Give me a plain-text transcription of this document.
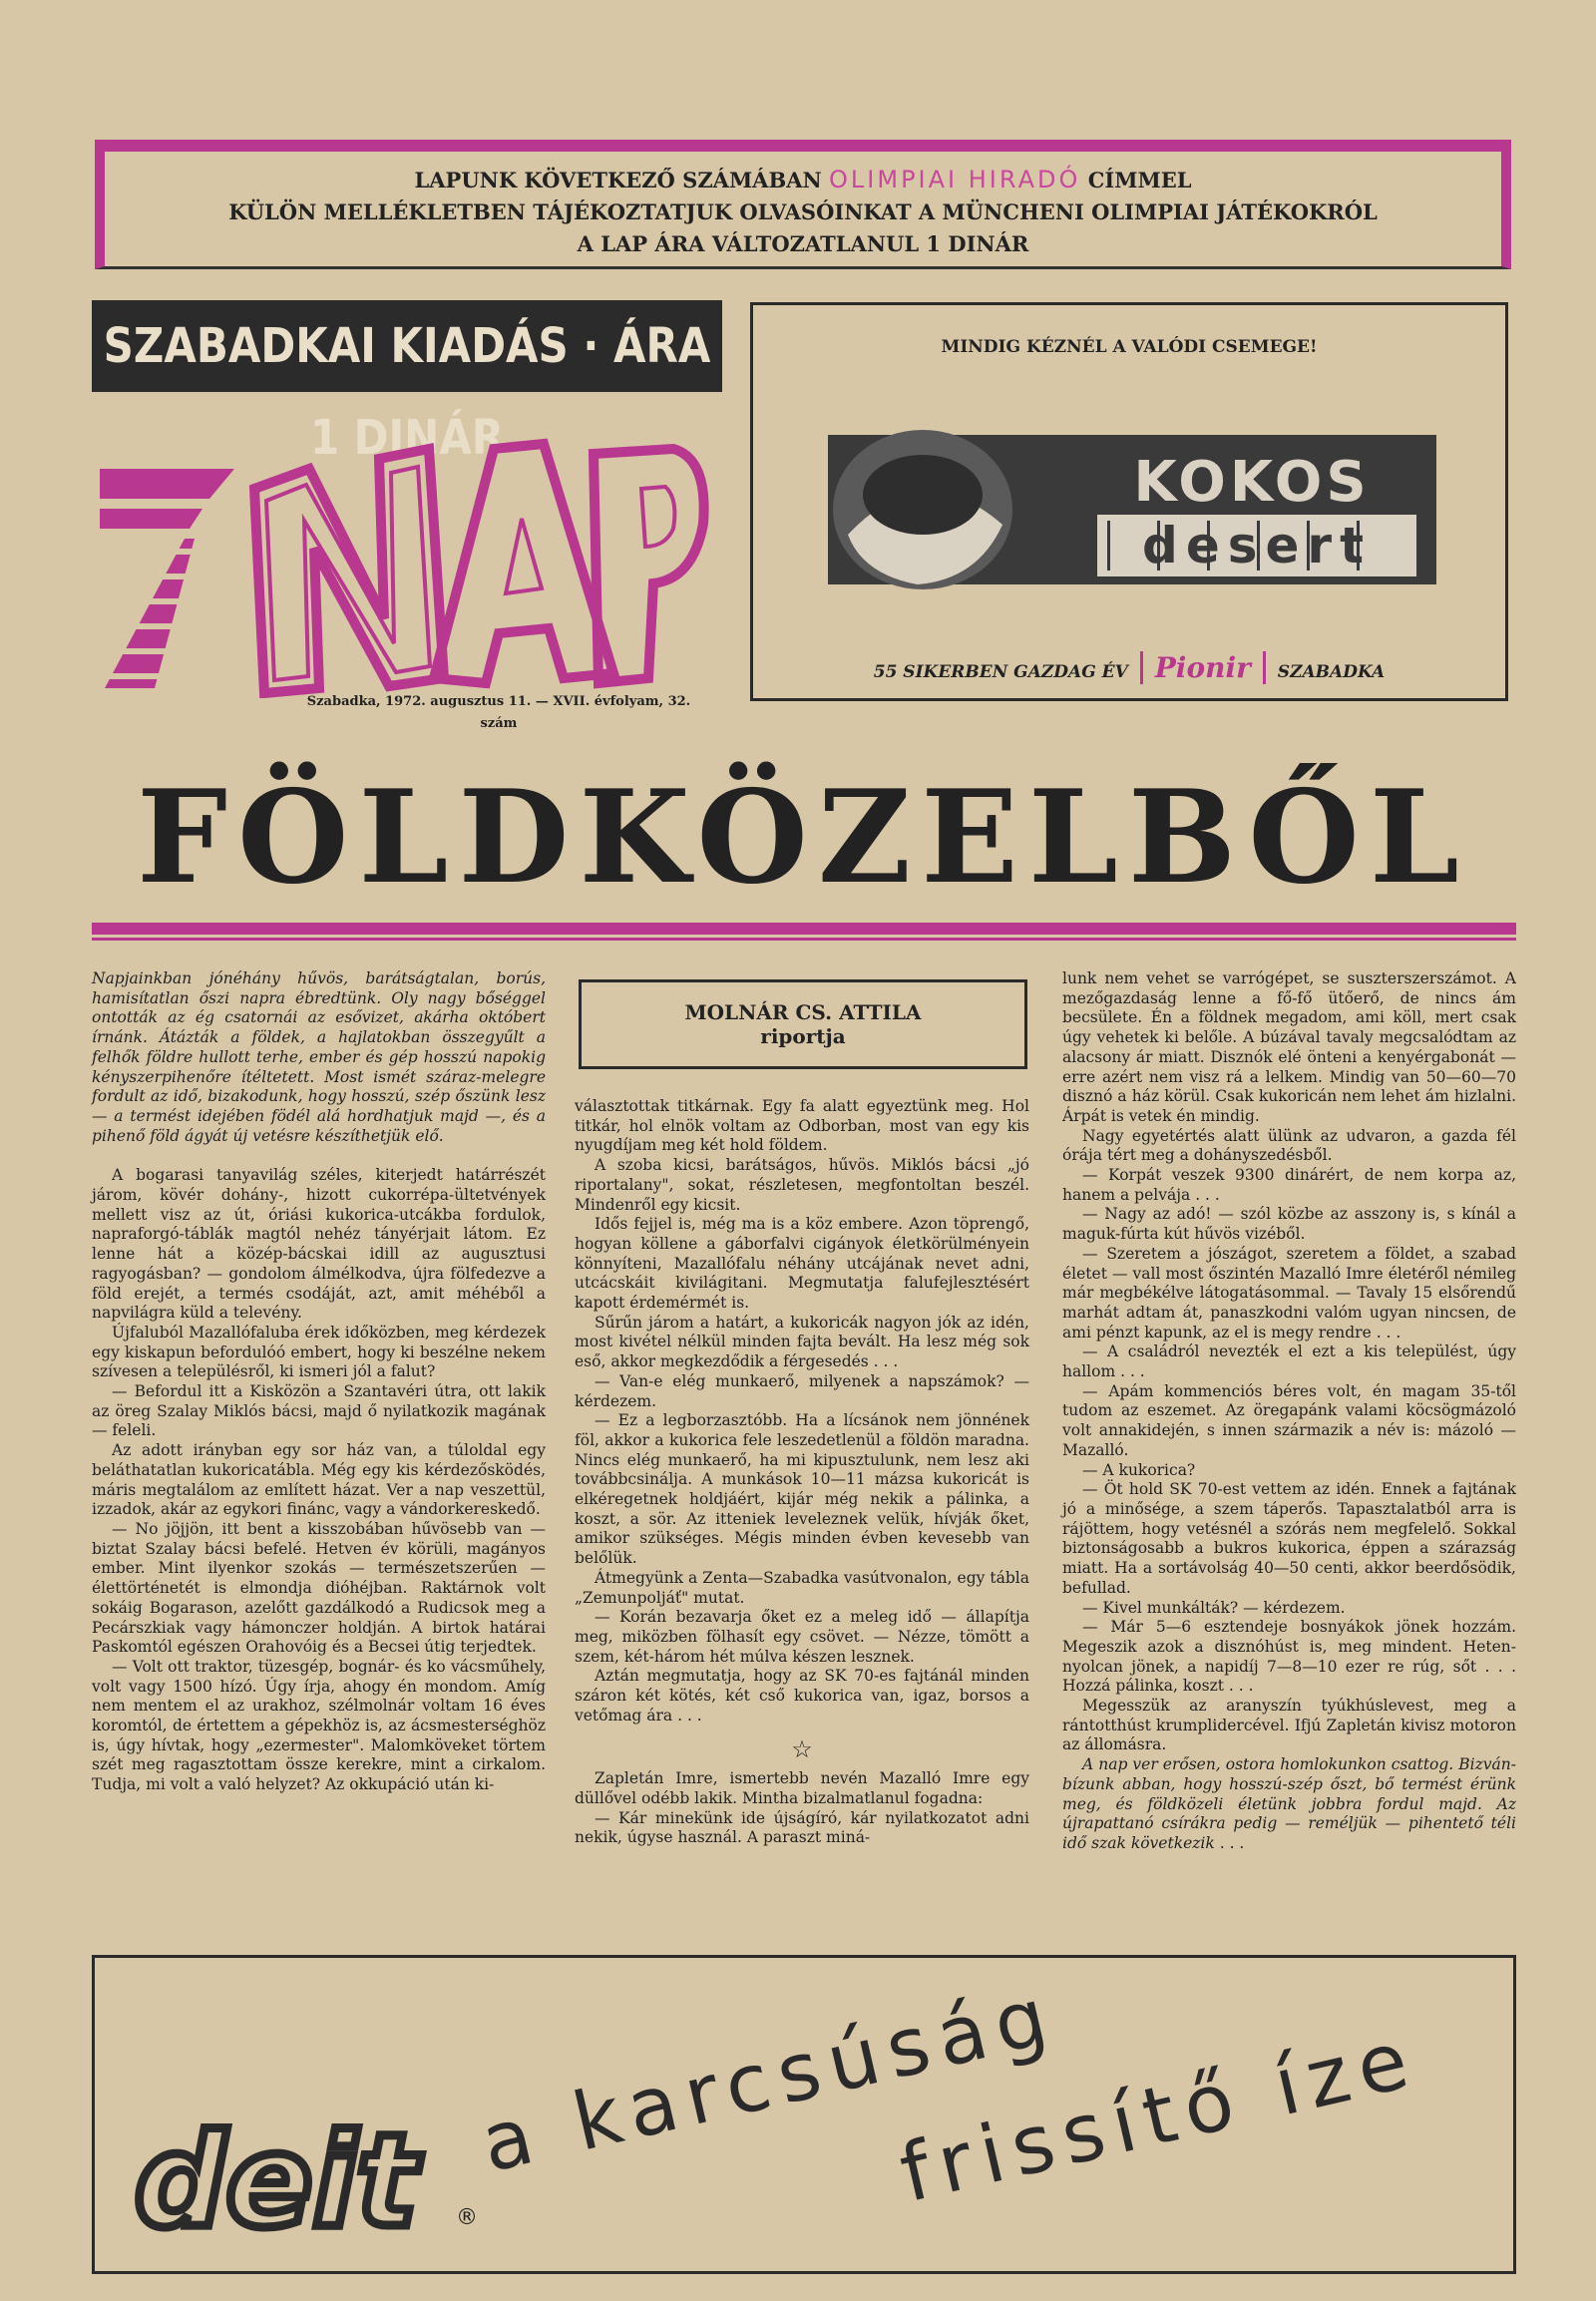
LAPUNK KÖVETKEZŐ SZÁMÁBAN OLIMPIAI HIRADÓ CÍMMEL
KÜLÖN MELLÉKLETBEN TÁJÉKOZTATJUK OLVASÓINKAT A MÜNCHENI OLIMPIAI JÁTÉKOKRÓL
A LAP ÁRA VÁLTOZATLANUL 1 DINÁR
SZABADKAI KIADÁS · ÁRA 1 DINÁR
Szabadka, 1972. augusztus 11. — XVII. évfolyam, 32. szám
MINDIG KÉZNÉL A VALÓDI CSEMEGE!
KOKOS
desert
55 SIKERBEN GAZDAG ÉV Pionir SZABADKA
FÖLDKÖZELBŐL
MOLNÁR CS. ATTILA
riportja

Napjainkban jónéhány hűvös, barátságtalan, borús, hamisítatlan őszi napra ébredtünk. Oly nagy bőséggel ontották az ég csatornái az esővizet, akárha októbert írnánk. Átázták a földek, a hajlatokban összegyűlt a felhők földre hullott terhe, ember és gép hosszú napokig kényszerpihenőre ítéltetett. Most ismét száraz-melegre fordult az idő, bizakodunk, hogy hosszú, szép őszünk lesz — a termést idejében födél alá hordhatjuk majd —, és a pihenő föld ágyát új vetésre készíthetjük elő.

A bogarasi tanyavilág széles, kiterjedt határrészét járom, kövér dohány-, hizott cukorrépa-ültetvények mellett visz az út, óriási kukorica-utcákba fordulok, napraforgó-táblák magtól nehéz tányérjait látom. Ez lenne hát a közép-bácskai idill az augusztusi ragyogásban? — gondolom álmélkodva, újra fölfedezve a föld erejét, a termés csodáját, azt, amit méhéből a napvilágra küld a televény.

Újfaluból Mazallófaluba érek időközben, meg kérdezek egy kiskapun befordulóó embert, hogy ki beszélne nekem szívesen a településről, ki ismeri jól a falut?

— Befordul itt a Kisközön a Szantavéri útra, ott lakik az öreg Szalay Miklós bácsi, majd ő nyilatkozik magának — feleli.

Az adott irányban egy sor ház van, a túloldal egy beláthatatlan kukoricatábla. Még egy kis kérdezősködés, máris megtalálom az említett házat. Ver a nap veszettül, izzadok, akár az egykori finánc, vagy a vándorkereskedő.

— No jöjjön, itt bent a kisszobában hűvösebb van — biztat Szalay bácsi befelé. Hetven év körüli, magányos ember. Mint ilyenkor szokás — természetszerűen — élettörténetét is elmondja dióhéjban. Raktárnok volt sokáig Bogarason, azelőtt gazdálkodó a Rudicsok meg a Pecárszkiak vagy hámonczer holdján. A birtok határai Paskomtól egészen Orahovóig és a Becsei útig terjedtek.

— Volt ott traktor, tüzesgép, bognár- és ko vácsműhely, volt vagy 1500 hízó. Úgy írja, ahogy én mondom. Amíg nem mentem el az urakhoz, szélmolnár voltam 16 éves koromtól, de értettem a gépekhöz is, az ácsmesterséghöz is, úgy hívtak, hogy „ezermester". Malomköveket törtem szét meg ragasztottam össze kerekre, mint a cirkalom. Tudja, mi volt a való helyzet? Az okkupáció után ki-

választottak titkárnak. Egy fa alatt egyeztünk meg. Hol titkár, hol elnök voltam az Odborban, most van egy kis nyugdíjam meg két hold földem.

A szoba kicsi, barátságos, hűvös. Miklós bácsi „jó riportalany", sokat, részletesen, megfontoltan beszél. Mindenről egy kicsit.

Idős fejjel is, még ma is a köz embere. Azon töprengő, hogyan köllene a gáborfalvi cigányok életkörülményein könnyíteni, Mazallófalu néhány utcájának nevet adni, utcácskáit kivilágitani. Megmutatja falufejlesztésért kapott érdemérmét is.

Sűrűn járom a határt, a kukoricák nagyon jók az idén, most kivétel nélkül minden fajta bevált. Ha lesz még sok eső, akkor megkezdődik a férgesedés . . .

— Van-e elég munkaerő, milyenek a napszámok? — kérdezem.

— Ez a legborzasztóbb. Ha a lícsánok nem jönnének föl, akkor a kukorica fele leszedetlenül a földön maradna. Nincs elég munkaerő, ha mi kipusztulunk, nem lesz aki továbbcsinálja. A munkások 10—11 mázsa kukoricát is elkéregetnek holdjáért, kijár még nekik a pálinka, a koszt, a sör. Az itteniek leveleznek velük, hívják őket, amikor szükséges. Mégis minden évben kevesebb van belőlük.

Átmegyünk a Zenta—Szabadka vasútvonalon, egy tábla „Zemunpoljáť" mutat.

— Korán bezavarja őket ez a meleg idő — állapítja meg, miközben fölhasít egy csövet. — Nézze, tömött a szem, két-három hét múlva készen lesznek.

Aztán megmutatja, hogy az SK 70-es fajtánál minden száron két kötés, két cső kukorica van, igaz, borsos a vetőmag ára . . .

☆

Zapletán Imre, ismertebb nevén Mazalló Imre egy düllővel odébb lakik. Mintha bizalmatlanul fogadna:

— Kár minekünk ide újságíró, kár nyilatkozatot adni nekik, úgyse használ. A paraszt miná-

lunk nem vehet se varrógépet, se suszterszerszámot. A mezőgazdaság lenne a fő-fő ütőerő, de nincs ám becsülete. Én a földnek megadom, ami köll, mert csak úgy vehetek ki belőle. A búzával tavaly megcsalódtam az alacsony ár miatt. Disznók elé önteni a kenyérgabonát — erre azért nem visz rá a lelkem. Mindig van 50—60—70 disznó a ház körül. Csak kukoricán nem lehet ám hizlalni. Árpát is vetek én mindig.

Nagy egyetértés alatt ülünk az udvaron, a gazda fél órája tért meg a dohányszedésből.

— Korpát veszek 9300 dinárért, de nem korpa az, hanem a pelvája . . .

— Nagy az adó! — szól közbe az asszony is, s kínál a maguk-fúrta kút hűvös vizéből.

— Szeretem a jószágot, szeretem a földet, a szabad életet — vall most őszintén Mazalló Imre életéről némileg már megbékélve látogatásommal. — Tavaly 15 elsőrendű marhát adtam át, panaszkodni valóm ugyan nincsen, de ami pénzt kapunk, az el is megy rendre . . .

— A családról nevezték el ezt a kis települést, úgy hallom . . .

— Apám kommenciós béres volt, én magam 35-től tudom az eszemet. Az öregapánk valami köcsögmázoló volt annakidején, s innen származik a név is: mázoló — Mazalló.

— A kukorica?

— Öt hold SK 70-est vettem az idén. Ennek a fajtának jó a minősége, a szem táperős. Tapasztalatból arra is rájöttem, hogy vetésnél a szórás nem megfelelő. Sokkal biztonságosabb a bukros kukorica, éppen a szárazság miatt. Ha a sortávolság 40—50 centi, akkor beerdősödik, befullad.

— Kivel munkálták? — kérdezem.

— Már 5—6 esztendeje bosnyákok jönek hozzám. Megeszik azok a disznóhúst is, meg mindent. Heten-nyolcan jönek, a napidíj 7—8—10 ezer re rúg, sőt . . . Hozzá pálinka, koszt . . .

Megesszük az aranyszín tyúkhúslevest, meg a rántotthúst krumplidercével. Ifjú Zapletán kivisz motoron az állomásra.

A nap ver erősen, ostora homlokunkon csattog. Bizván-bízunk abban, hogy hosszú-szép őszt, bő termést érünk meg, és földközeli életünk jobbra fordul majd. Az újrapattanó csírákra pedig — reméljük — pihentető téli idő szak következik . . .

deit ®
a karcsúság
frissítő íze
